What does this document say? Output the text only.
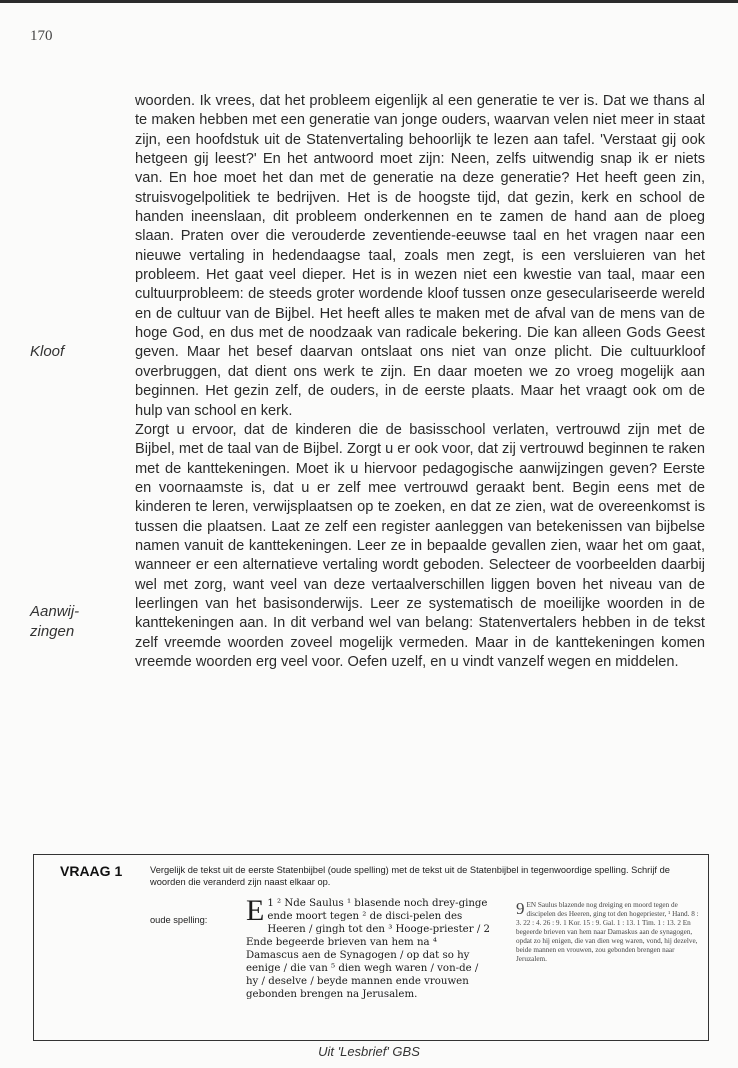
170
Kloof
Aanwij-
zingen

woorden. Ik vrees, dat het probleem eigenlijk al een generatie te ver is. Dat we thans al te maken hebben met een generatie van jonge ouders, waarvan velen niet meer in staat zijn, een hoofdstuk uit de Statenvertaling behoorlijk te lezen aan tafel. 'Verstaat gij ook hetgeen gij leest?' En het antwoord moet zijn: Neen, zelfs uitwendig snap ik er niets van. En hoe moet het dan met de generatie na deze generatie? Het heeft geen zin, struisvogelpolitiek te bedrijven. Het is de hoogste tijd, dat gezin, kerk en school de handen ineenslaan, dit probleem onderkennen en te zamen de hand aan de ploeg slaan. Praten over die verouderde zeventiende-eeuwse taal en het vragen naar een nieuwe vertaling in hedendaagse taal, zoals men zegt, is een versluieren van het probleem. Het gaat veel dieper. Het is in wezen niet een kwestie van taal, maar een cultuurprobleem: de steeds groter wordende kloof tussen onze geseculariseerde wereld en de cultuur van de Bijbel. Het heeft alles te maken met de afval van de mens van de hoge God, en dus met de noodzaak van radicale bekering. Die kan alleen Gods Geest geven. Maar het besef daarvan ontslaat ons niet van onze plicht. Die cultuurkloof overbruggen, dat dient ons werk te zijn. En daar moeten we zo vroeg mogelijk aan beginnen. Het gezin zelf, de ouders, in de eerste plaats. Maar het vraagt ook om de hulp van school en kerk.

Zorgt u ervoor, dat de kinderen die de basisschool verlaten, vertrouwd zijn met de Bijbel, met de taal van de Bijbel. Zorgt u er ook voor, dat zij vertrouwd beginnen te raken met de kanttekeningen. Moet ik u hiervoor pedagogische aanwijzingen geven? Eerste en voornaamste is, dat u er zelf mee vertrouwd geraakt bent. Begin eens met de kinderen te leren, verwijsplaatsen op te zoeken, en dat ze zien, wat de overeenkomst is tussen die plaatsen. Laat ze zelf een register aanleggen van betekenissen van bijbelse namen vanuit de kanttekeningen. Leer ze in bepaalde gevallen zien, waar het om gaat, wanneer er een alternatieve vertaling wordt geboden. Selecteer de voorbeelden daarbij wel met zorg, want veel van deze vertaalverschillen liggen boven het niveau van de leerlingen van het basisonderwijs. Leer ze systematisch de moeilijke woorden in de kanttekeningen aan. In dit verband wel van belang: Statenvertalers hebben in de tekst zelf vreemde woorden zoveel mogelijk vermeden. Maar in de kanttekeningen komen vreemde woorden erg veel voor. Oefen uzelf, en u vindt vanzelf wegen en middelen.

VRAAG 1	Vergelijk de tekst uit de eerste Statenbijbel (oude spelling) met de tekst uit de Statenbijbel in tegenwoordige spelling. Schrijf de woorden die veranderd zijn naast elkaar op.
oude spelling: E 1 ² Nde Saulus ¹ blasende noch drey-gingе ende moort tegen ² de disci-pelen des Heeren / gingh tot den ³ Hooge-priester / 2 Ende begeerde brieven van hem na ⁴ Damascus aen de Synagogen / op dat so hy eenige / die van ⁵ dien wegh waren / von-de / hy / deselve / beyde mannen ende vrouwen gebonden brengen na Jerusalem.
9 EN Saulus blazende nog dreiging en moord tegen de discipelen des Heeren, ging tot den hogepriester, ¹ Hand. 8 : 3. 22 : 4. 26 : 9. 1 Kor. 15 : 9. Gal. 1 : 13. 1 Tim. 1 : 13. 2 En begeerde brieven van hem naar Damaskus aan de synagogen, opdat zo hij enigen, die van dien weg waren, vond, hij dezelve, beide mannen en vrouwen, zou gebonden brengen naar Jeruzalem.
Uit 'Lesbrief' GBS
